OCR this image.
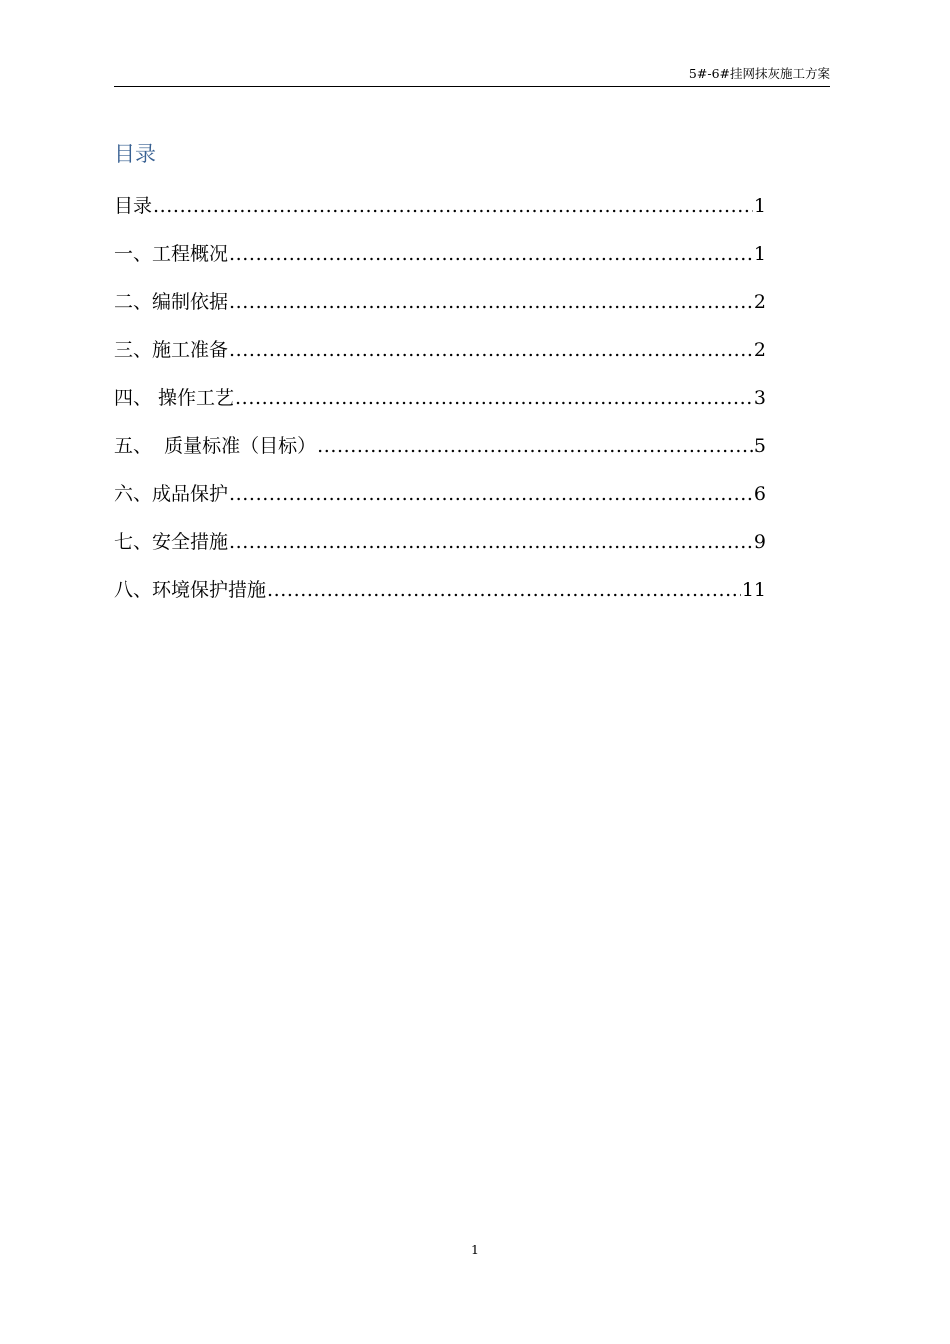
5#-6#挂网抹灰施工方案
目录
目录 .....	1
一、工程概况 .....	1
二、编制依据 .....	2
三、施工准备 .....	2
四、 操作工艺 .....	3
五、  质量标准（目标） .....	5
六、成品保护 .....	6
七、安全措施 .....	9
八、环境保护措施 .....	11
1
